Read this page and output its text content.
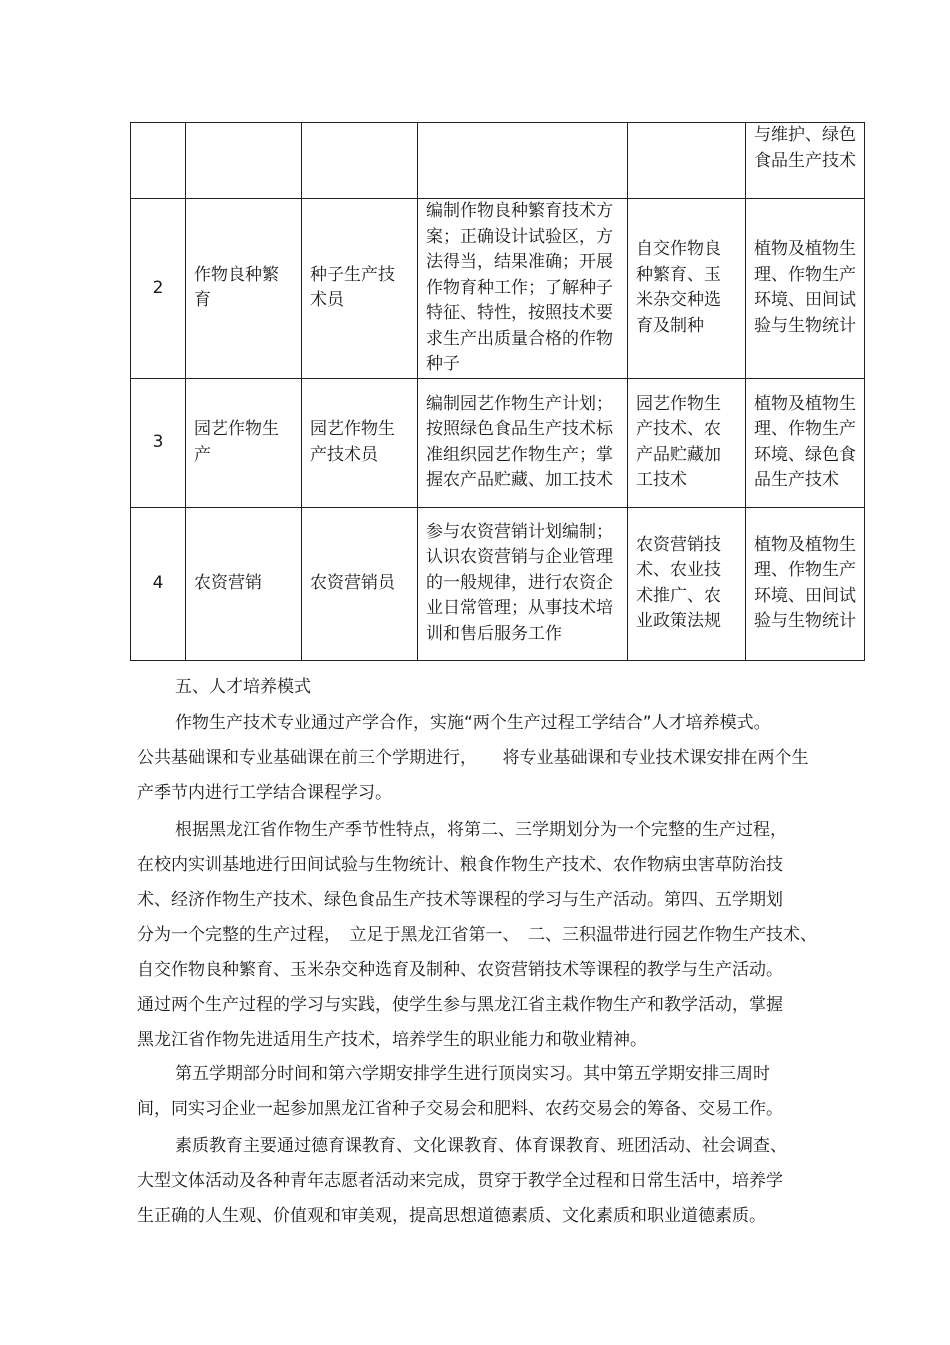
					与维护、绿色食品生产技术
2	作物良种繁育	种子生产技术员	编制作物良种繁育技术方案；正确设计试验区，方法得当，结果准确；开展作物育种工作；了解种子特征、特性，按照技术要求生产出质量合格的作物种子	自交作物良种繁育、玉米杂交种选育及制种	植物及植物生理、作物生产环境、田间试验与生物统计
3	园艺作物生产	园艺作物生产技术员	编制园艺作物生产计划；按照绿色食品生产技术标准组织园艺作物生产；掌握农产品贮藏、加工技术	园艺作物生产技术、农产品贮藏加工技术	植物及植物生理、作物生产环境、绿色食品生产技术
4	农资营销	农资营销员	参与农资营销计划编制；认识农资营销与企业管理的一般规律，进行农资企业日常管理；从事技术培训和售后服务工作	农资营销技术、农业技术推广、农业政策法规	植物及植物生理、作物生产环境、田间试验与生物统计
五、人才培养模式

作物生产技术专业通过产学合作，实施“两个生产过程工学结合”人才培养模式。
公共基础课和专业基础课在前三个学期进行，　　将专业基础课和专业技术课安排在两个生
产季节内进行工学结合课程学习。

根据黑龙江省作物生产季节性特点，将第二、三学期划分为一个完整的生产过程，
在校内实训基地进行田间试验与生物统计、粮食作物生产技术、农作物病虫害草防治技
术、经济作物生产技术、绿色食品生产技术等课程的学习与生产活动。第四、五学期划
分为一个完整的生产过程，　立足于黑龙江省第一、　二、三积温带进行园艺作物生产技术、
自交作物良种繁育、玉米杂交种选育及制种、农资营销技术等课程的教学与生产活动。
通过两个生产过程的学习与实践，使学生参与黑龙江省主栽作物生产和教学活动，掌握
黑龙江省作物先进适用生产技术，培养学生的职业能力和敬业精神。

第五学期部分时间和第六学期安排学生进行顶岗实习。其中第五学期安排三周时
间，同实习企业一起参加黑龙江省种子交易会和肥料、农药交易会的筹备、交易工作。

素质教育主要通过德育课教育、文化课教育、体育课教育、班团活动、社会调查、
大型文体活动及各种青年志愿者活动来完成，贯穿于教学全过程和日常生活中，培养学
生正确的人生观、价值观和审美观，提高思想道德素质、文化素质和职业道德素质。
